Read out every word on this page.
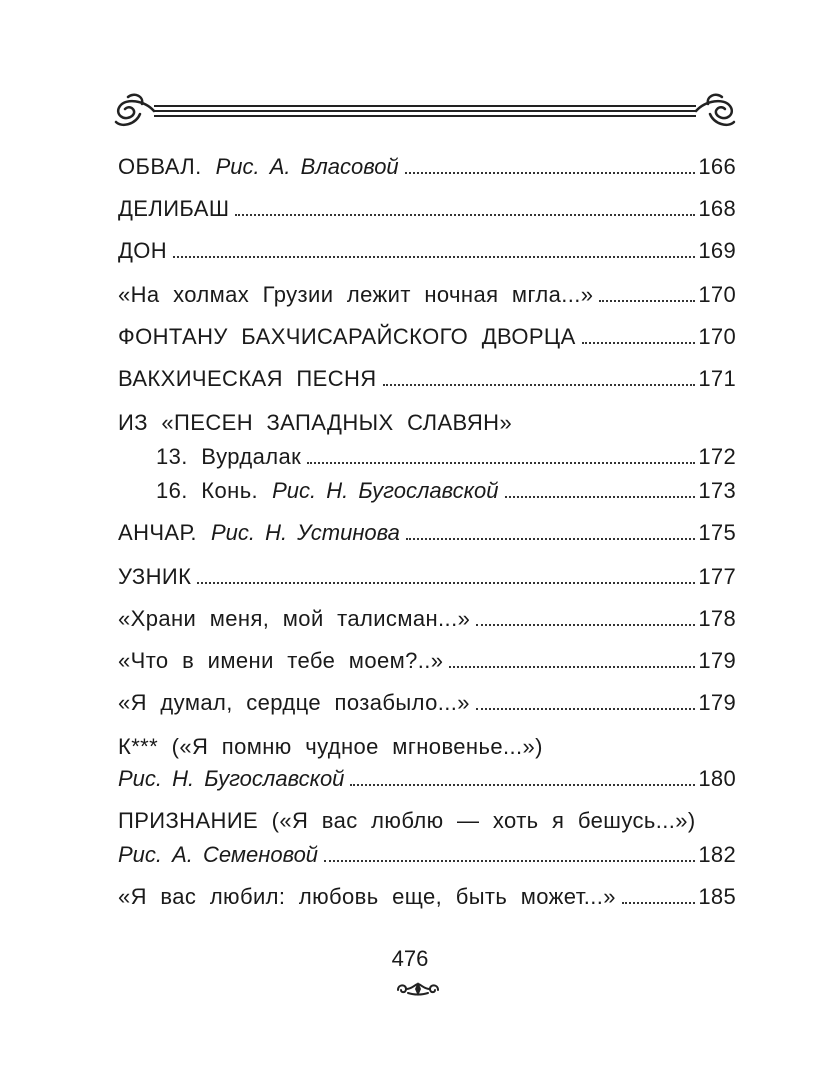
ОБВАЛ. Рис. А. Власовой	166
ДЕЛИБАШ	168
ДОН	169
«На холмах Грузии лежит ночная мгла...»	170
ФОНТАНУ БАХЧИСАРАЙСКОГО ДВОРЦА	170
ВАКХИЧЕСКАЯ ПЕСНЯ	171
ИЗ «ПЕСЕН ЗАПАДНЫХ СЛАВЯН»
13. Вурдалак	172
16. Конь. Рис. Н. Бугославской	173
АНЧАР. Рис. Н. Устинова	175
УЗНИК	177
«Храни меня, мой талисман...»	178
«Что в имени тебе моем?..»	179
«Я думал, сердце позабыло...»	179
К*** («Я помню чудное мгновенье...»)
Рис. Н. Бугославской	180
ПРИЗНАНИЕ («Я вас люблю — хоть я бешусь...»)
Рис. А. Семеновой	182
«Я вас любил: любовь еще, быть может...»	185
476
